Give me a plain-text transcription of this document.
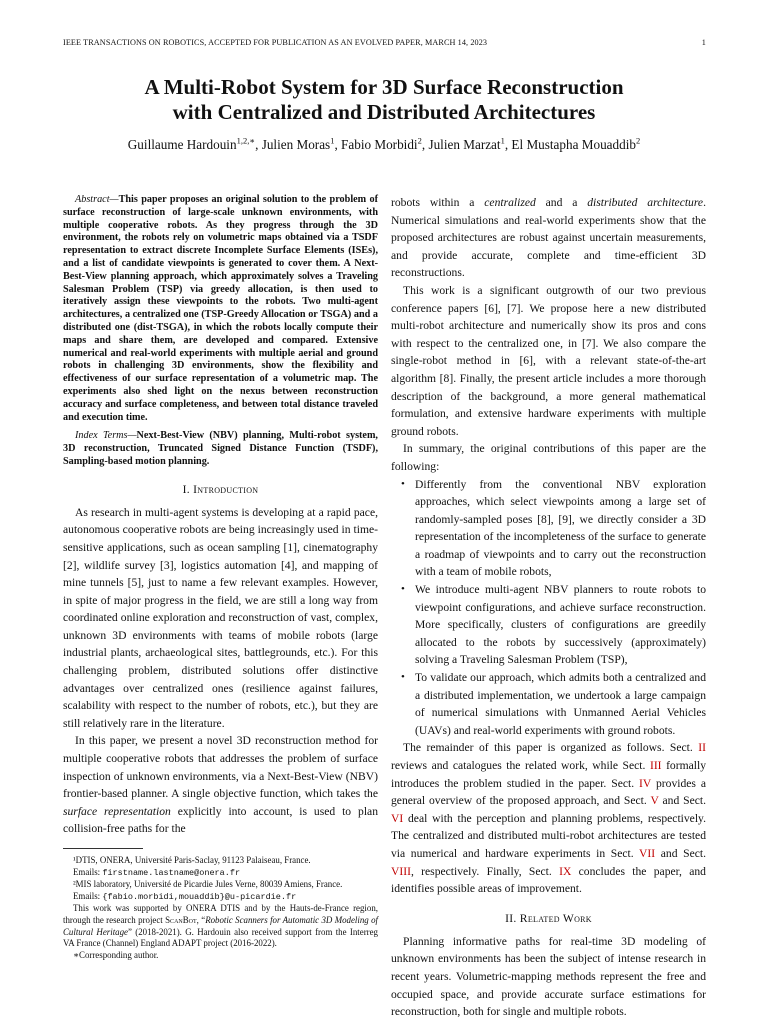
IEEE TRANSACTIONS ON ROBOTICS, ACCEPTED FOR PUBLICATION AS AN EVOLVED PAPER, MARCH 14, 2023	1
A Multi-Robot System for 3D Surface Reconstruction
with Centralized and Distributed Architectures
Guillaume Hardouin$^{1,2,∗}$, Julien Moras$^1$, Fabio Morbidi$^2$, Julien Marzat$^1$, El Mustapha Mouaddib$^2$

Abstract—This paper proposes an original solution to the problem of surface reconstruction of large-scale unknown environments, with multiple cooperative robots. As they progress through the 3D environment, the robots rely on volumetric maps obtained via a TSDF representation to extract discrete Incomplete Surface Elements (ISEs), and a list of candidate viewpoints is generated to cover them. A Next-Best-View planning approach, which approximately solves a Traveling Salesman Problem (TSP) via greedy allocation, is then used to iteratively assign these viewpoints to the robots. Two multi-agent architectures, a centralized one (TSP-Greedy Allocation or TSGA) and a distributed one (dist-TSGA), in which the robots locally compute their maps and share them, are developed and compared. Extensive numerical and real-world experiments with multiple aerial and ground robots in challenging 3D environments, show the flexibility and effectiveness of our surface representation of a volumetric map. The experiments also shed light on the nexus between reconstruction accuracy and surface completeness, and between total distance traveled and execution time.

Index Terms—Next-Best-View (NBV) planning, Multi-robot system, 3D reconstruction, Truncated Signed Distance Function (TSDF), Sampling-based motion planning.

I. Introduction

As research in multi-agent systems is developing at a rapid pace, autonomous cooperative robots are being increasingly used in time-sensitive applications, such as ocean sampling [1], cinematography [2], wildlife survey [3], logistics automation [4], and mapping of mine tunnels [5], just to name a few relevant examples. However, in spite of major progress in the field, we are still a long way from coordinated online exploration and reconstruction of vast, complex, unknown 3D environments with teams of mobile robots (large industrial plants, archaeological sites, battlegrounds, etc.). For this challenging problem, distributed solutions offer distinctive advantages over centralized ones (resilience against failures, scalability with respect to the number of robots, etc.), but they are still relatively rare in the literature.

In this paper, we present a novel 3D reconstruction method for multiple cooperative robots that addresses the problem of surface inspection of unknown environments, via a Next-Best-View (NBV) frontier-based planner. A single objective function, which takes the surface representation explicitly into account, is used to plan collision-free paths for the

¹DTIS, ONERA, Université Paris-Saclay, 91123 Palaiseau, France.

Emails: firstname.lastname@onera.fr

²MIS laboratory, Université de Picardie Jules Verne, 80039 Amiens, France.

Emails: {fabio.morbidi,mouaddib}@u-picardie.fr

This work was supported by ONERA DTIS and by the Hauts-de-France region, through the research project ScanBot, “Robotic Scanners for Automatic 3D Modeling of Cultural Heritage” (2018-2021). G. Hardouin also received support from the Interreg VA France (Channel) England ADAPT project (2016-2022).

∗Corresponding author.

robots within a centralized and a distributed architecture. Numerical simulations and real-world experiments show that the proposed architectures are robust against uncertain measurements, and provide accurate, complete and time-efficient 3D reconstructions.

This work is a significant outgrowth of our two previous conference papers [6], [7]. We propose here a new distributed multi-robot architecture and numerically show its pros and cons with respect to the centralized one, in [7]. We also compare the single-robot method in [6], with a relevant state-of-the-art algorithm [8]. Finally, the present article includes a more thorough description of the background, a more general mathematical formulation, and extensive hardware experiments with multiple ground robots.

In summary, the original contributions of this paper are the following:

• Differently from the conventional NBV exploration approaches, which select viewpoints among a large set of randomly-sampled poses [8], [9], we directly consider a 3D representation of the incompleteness of the surface to generate a roadmap of viewpoints and to carry out the reconstruction with a team of mobile robots,
• We introduce multi-agent NBV planners to route robots to viewpoint configurations, and achieve surface reconstruction. More specifically, clusters of configurations are greedily allocated to the robots by successively (approximately) solving a Traveling Salesman Problem (TSP),
• To validate our approach, which admits both a centralized and a distributed implementation, we undertook a large campaign of numerical simulations with Unmanned Aerial Vehicles (UAVs) and real-world experiments with ground robots.

The remainder of this paper is organized as follows. Sect. II reviews and catalogues the related work, while Sect. III formally introduces the problem studied in the paper. Sect. IV provides a general overview of the proposed approach, and Sect. V and Sect. VI deal with the perception and planning problems, respectively. The centralized and distributed multi-robot architectures are tested via numerical and hardware experiments in Sect. VII and Sect. VIII, respectively. Finally, Sect. IX concludes the paper, and identifies possible areas of improvement.

II. Related Work

Planning informative paths for real-time 3D modeling of unknown environments has been the subject of intense research in recent years. Volumetric-mapping methods represent the free and occupied space, and provide accurate surface estimations for reconstruction, both for single and multiple robots.
